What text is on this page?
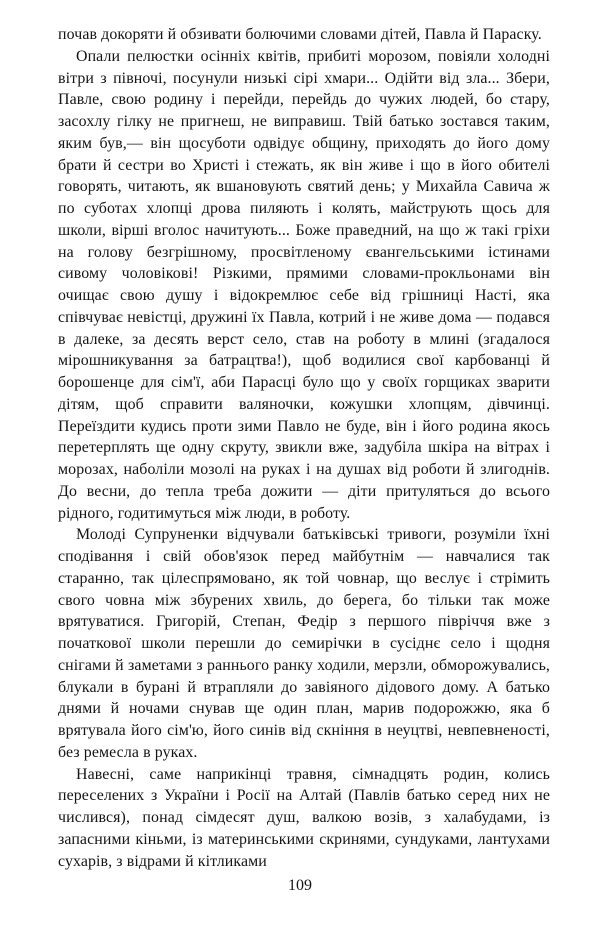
почав докоряти й обзивати болючими словами дітей, Павла й Параску.

Опали пелюстки осінніх квітів, прибиті морозом, повіяли холодні вітри з півночі, посунули низькі сірі хмари... Одійти від зла... Збери, Павле, свою родину і перейди, перейдь до чужих людей, бо стару, засохлу гілку не пригнеш, не виправиш. Твій батько зостався таким, яким був,— він щосуботи одвідує общину, приходять до його дому брати й сестри во Христі і стежать, як він живе і що в його обителі говорять, читають, як вшановують святий день; у Михайла Савича ж по суботах хлопці дрова пиляють і колять, майструють щось для школи, вірші вголос начитують... Боже праведний, на що ж такі гріхи на голову безгрішному, просвітленому євангельськими істинами сивому чоловікові! Різкими, прямими словами-прокльонами він очищає свою душу і відокремлює себе від грішниці Насті, яка співчуває невістці, дружині їх Павла, котрий і не живе дома — подався в далеке, за десять верст село, став на роботу в млині (згадалося мірошникування за батрацтва!), щоб водилися свої карбованці й борошенце для сім'ї, аби Парасці було що у своїх горщиках зварити дітям, щоб справити валяночки, кожушки хлопцям, дівчинці. Переїздити кудись проти зими Павло не буде, він і його родина якось перетерплять ще одну скруту, звикли вже, задубіла шкіра на вітрах і морозах, наболіли мозолі на руках і на душах від роботи й злигоднів. До весни, до тепла треба дожити — діти притуляться до всього рідного, годитимуться між люди, в роботу.

Молоді Супруненки відчували батьківські тривоги, розуміли їхні сподівання і свій обов'язок перед майбутнім — навчалися так старанно, так цілеспрямовано, як той човнар, що веслує і стрімить свого човна між збурених хвиль, до берега, бо тільки так може врятуватися. Григорій, Степан, Федір з першого півріччя вже з початкової школи перешли до семирічки в сусіднє село і щодня снігами й заметами з раннього ранку ходили, мерзли, обморожувались, блукали в бурані й втрапляли до завіяного дідового дому. А батько днями й ночами снував ще один план, марив подорожжю, яка б врятувала його сім'ю, його синів від скніння в неуцтві, невпевненості, без ремесла в руках.

Навесні, саме наприкінці травня, сімнадцять родин, колись переселених з України і Росії на Алтай (Павлів батько серед них не числився), понад сімдесят душ, валкою возів, з халабудами, із запасними кіньми, із материнськими скринями, сундуками, лантухами сухарів, з відрами й кітликами

109
